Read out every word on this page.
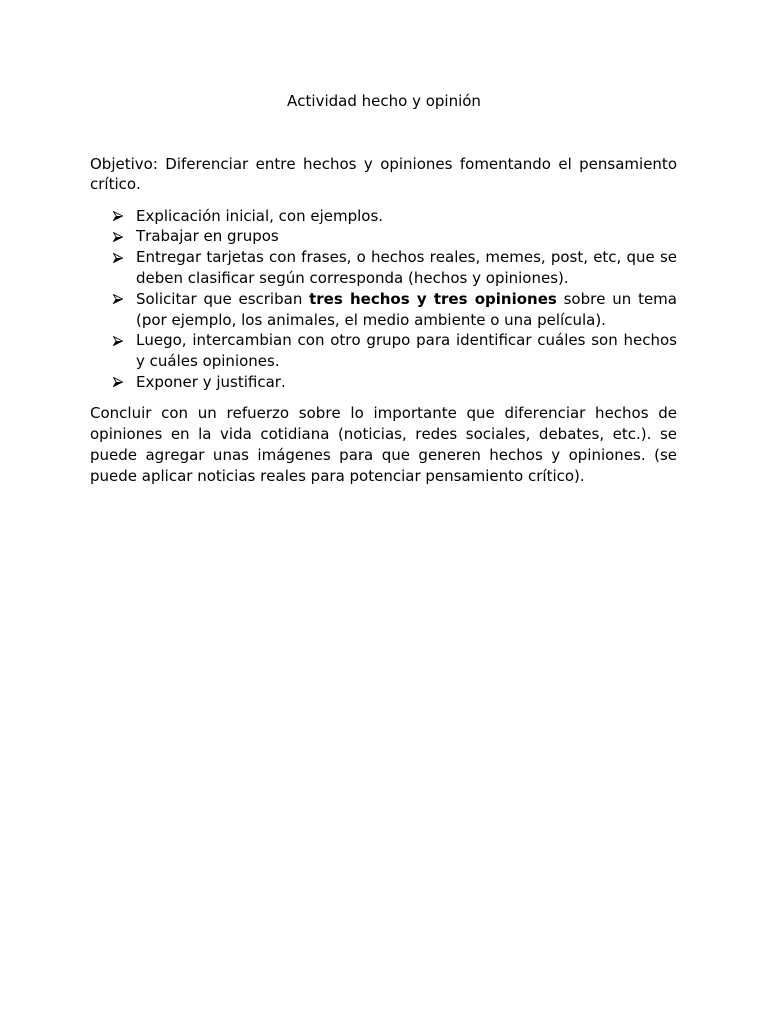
Actividad hecho y opinión

Objetivo: Diferenciar entre hechos y opiniones fomentando el pensamiento crítico.

Explicación inicial, con ejemplos.
Trabajar en grupos
Entregar tarjetas con frases, o hechos reales, memes, post, etc, que se deben clasificar según corresponda (hechos y opiniones).
Solicitar que escriban tres hechos y tres opiniones sobre un tema (por ejemplo, los animales, el medio ambiente o una película).
Luego, intercambian con otro grupo para identificar cuáles son hechos y cuáles opiniones.
Exponer y justificar.

Concluir con un refuerzo sobre lo importante que diferenciar hechos de opiniones en la vida cotidiana (noticias, redes sociales, debates, etc.). se puede agregar unas imágenes para que generen hechos y opiniones. (se puede aplicar noticias reales para potenciar pensamiento crítico).
